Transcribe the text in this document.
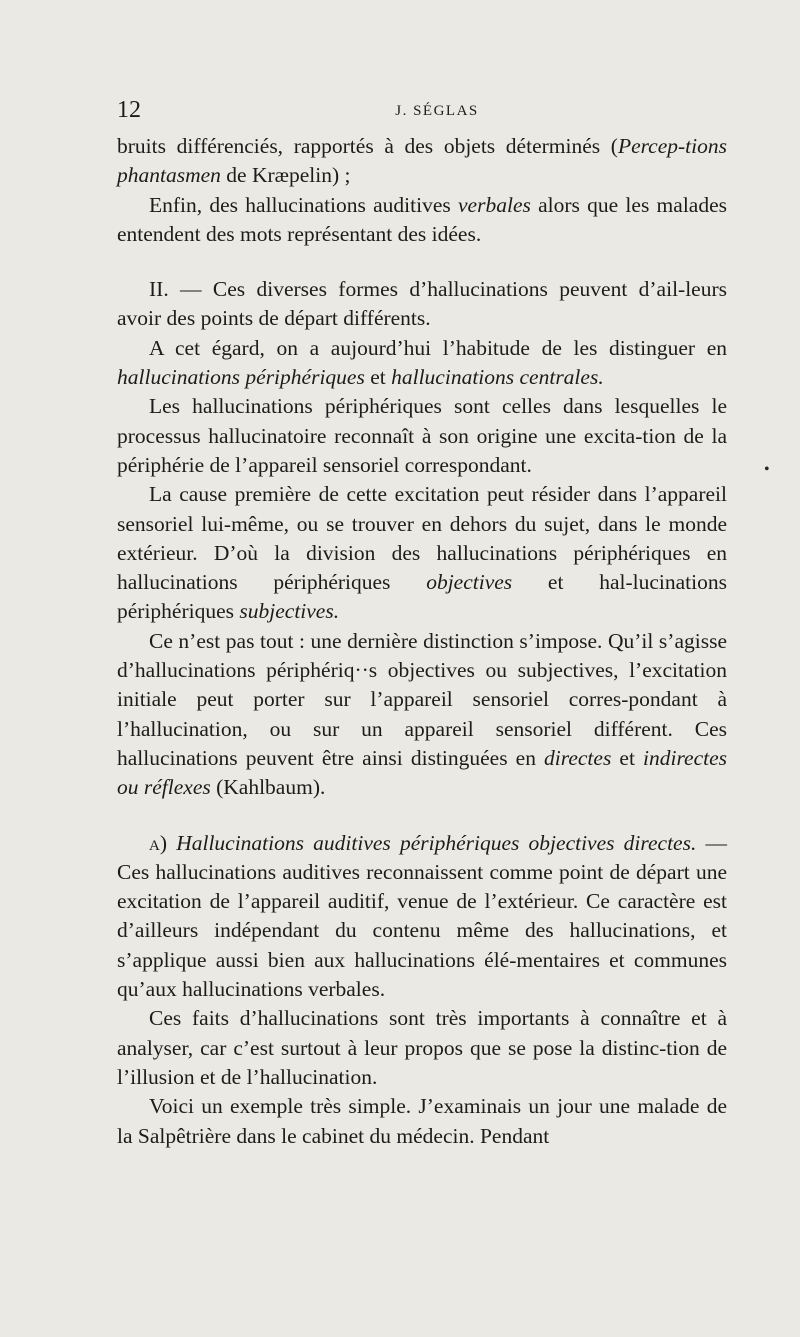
12	J. SÉGLAS

bruits différenciés, rapportés à des objets déterminés (Percep-tions phantasmen de Kræpelin) ;

Enfin, des hallucinations auditives verbales alors que les malades entendent des mots représentant des idées.

II. — Ces diverses formes d’hallucinations peuvent d’ail-leurs avoir des points de départ différents.

A cet égard, on a aujourd’hui l’habitude de les distinguer en hallucinations périphériques et hallucinations centrales.

Les hallucinations périphériques sont celles dans lesquelles le processus hallucinatoire reconnaît à son origine une excita-tion de la périphérie de l’appareil sensoriel correspondant.

La cause première de cette excitation peut résider dans l’appareil sensoriel lui-même, ou se trouver en dehors du sujet, dans le monde extérieur. D’où la division des hallucinations périphériques en hallucinations périphériques objectives et hal-lucinations périphériques subjectives.

Ce n’est pas tout : une dernière distinction s’impose. Qu’il s’agisse d’hallucinations périphériq··s objectives ou subjectives, l’excitation initiale peut porter sur l’appareil sensoriel corres-pondant à l’hallucination, ou sur un appareil sensoriel différent. Ces hallucinations peuvent être ainsi distinguées en directes et indirectes ou réflexes (Kahlbaum).

a) Hallucinations auditives périphériques objectives directes. — Ces hallucinations auditives reconnaissent comme point de départ une excitation de l’appareil auditif, venue de l’extérieur. Ce caractère est d’ailleurs indépendant du contenu même des hallucinations, et s’applique aussi bien aux hallucinations élé-mentaires et communes qu’aux hallucinations verbales.

Ces faits d’hallucinations sont très importants à connaître et à analyser, car c’est surtout à leur propos que se pose la distinc-tion de l’illusion et de l’hallucination.

Voici un exemple très simple. J’examinais un jour une malade de la Salpêtrière dans le cabinet du médecin. Pendant

•
